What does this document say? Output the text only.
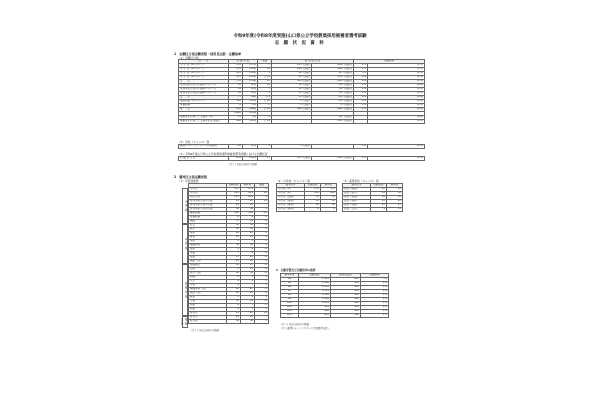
令和9年度(令和8年度実施)山口県公立学校教員採用候補者選考試験
志 願 状 況 資 料
1　志願区分別志願者数・採用見込数・志願倍率
（1）受験区分別
区　　分	志 願 者 数		増減	採 用 見 込 数		志願倍率	
小 学 校（Aパターン）	276	(272)	7	135 人程度	(160 人程度)	2.1	(1.7)
小 学 校（Bパターン）	254	(244)	10	120 人程度	(140 人程度)	2.1	(1.7)
中 学 校（Aパターン）	245	(244)	1	80 人程度	(85 人程度)	3.1	(2.9)
中 学 校（Bパターン）	235	(244)	△ 11	90 人程度	(110 人程度)	2.6	(2.2)
合　　計	776	(761)	15	345 人程度	(365 人程度)	2.2	(2.1)
特別支援学校小学部(Aパターン)	25	(12)	13	10 人程度	(20 人程度)	2.5	(0.6)
特別支援学校中学部(Bパターン)	19	(12)	7	10 人程度	(10 人程度)	1.9	(1.2)
特別支援学校高等部(Aパターン)	38	(36)	2	15 人程度	(15 人程度)	2.5	(2.4)
合　　計	77	(80)	△ 3	35 人程度	(45 人程度)	2.2	(1.8)
養護教諭（Aパターン）	106	(118)	△ 12	5 人程度	(20 人程度)	5.3	(5.9)
栄養教諭	6	(6)	0	5 人程度	(5 人程度)	1.2	(1.2)
総　　計	958	(968)	△ 10	390 人程度	(440 人程度)	2.5	(2.2)
	(890)	(889)					
障害者を対象とした選考（A）	11	(9)	2		(11 人程度)		(0.8)
障害者を対象とした選考を含む総計	962	(983)	△ 21		(451 人程度)		(2.2)
（2）学校（ジャンル）別
養護チャレンジサポート特別選考	16	(12)	4	5 人程度		3.2	(2.4)
（3）令和9年度山口県公立学校教員採用候補者選考試験における志願状況
志 願 者 合 計	978	(961)	17	455 人程度	(410 人程度)	2.1	(2.3)
（注）( )内は前年度の数値
2　選考区分別志願者数
（1）年度別推移
小 学 校
中 学 校
高 等 学 校
特 別 支 援
	志願者数	前年度	増減
小学校	276	272	4
中学校	254	244	10
高等学校	245	244	1
特別支援学校小学部	25	12	13
特別支援学校中学部	19	12	7
特別支援学校高等部	38	36	2
養護教諭	106	118	-12
栄養教諭	6	6	0
国語	37	41	-4
社会	36	30	6
数学	32	39	-7
理科	26	22	4
音楽	13	11	2
美術	9	7	2
保健体育	54	50	4
技術	4	6	-2
家庭	7	9	-2
英語	27	29	-2
国語（高）	22	20	2
地理歴史	25	27	-2
公民	9	11	-2
数学（高）	28	30	-2
物理	6	5	1
化学	9	8	1
生物	8	7	1
保健体育（高）	40	43	-3
英語（高）	24	25	-1
農業	5	4	1
工業	10	12	-2
商業	6	7	-1
情報	4	3	1
特支小	25	12	13
特支中	19	12	7
特支高	38	36	2
（注）( )内は前年度の数値
（2）小学校（ジャンル）別
選考区分	志願者数	前年度
小学校（A）	276	272
小学校（B）	254	244
小学校（英語）	35	31
小学校（理科）	12	10
小学校（体育）	18	16
小学校（音楽）	8	9
（3）高等学校（ジャンル）別
選考区分	志願者数	前年度
高校（国語）	22	20
高校（数学）	28	30
高校（英語）	24	25
高校（理科）	23	20
高校（地歴）	25	27
高校（公民）	9	11
3　志願者数及び志願倍率の推移
選考年度	志願者数	採用見込数	志願倍率
R4	1,323	420	3.2
R5	1,260	430	2.9
R6	1,212	440	2.8
R7	1,151	450	2.6
R8	1,100	445	2.5
R9	1,068	440	2.4
R10	1,031	440	2.3
R11	993	450	2.2
R12	968	440	2.2
R13	958	390	2.5
（注）( )内は前年度の数値
（注）養護チャレンジサポート特別選考を除く
